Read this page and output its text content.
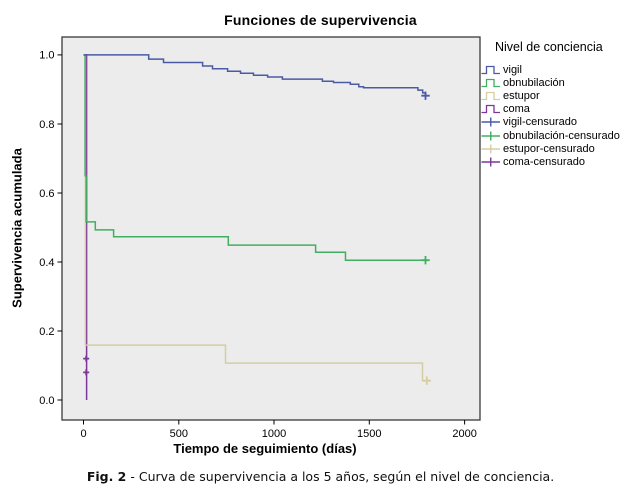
Funciones de supervivencia
Supervivencia acumulada
0	500	1000	1500	2000
0.0
0.2
0.4
0.6
0.8
1.0
Tiempo de seguimiento (días)
Nivel de conciencia
vigil
obnubilación
estupor
coma
vigil-censurado
obnubilación-censurado
estupor-censurado
coma-censurado
Fig. 2 - Curva de supervivencia a los 5 años, según el nivel de conciencia.
